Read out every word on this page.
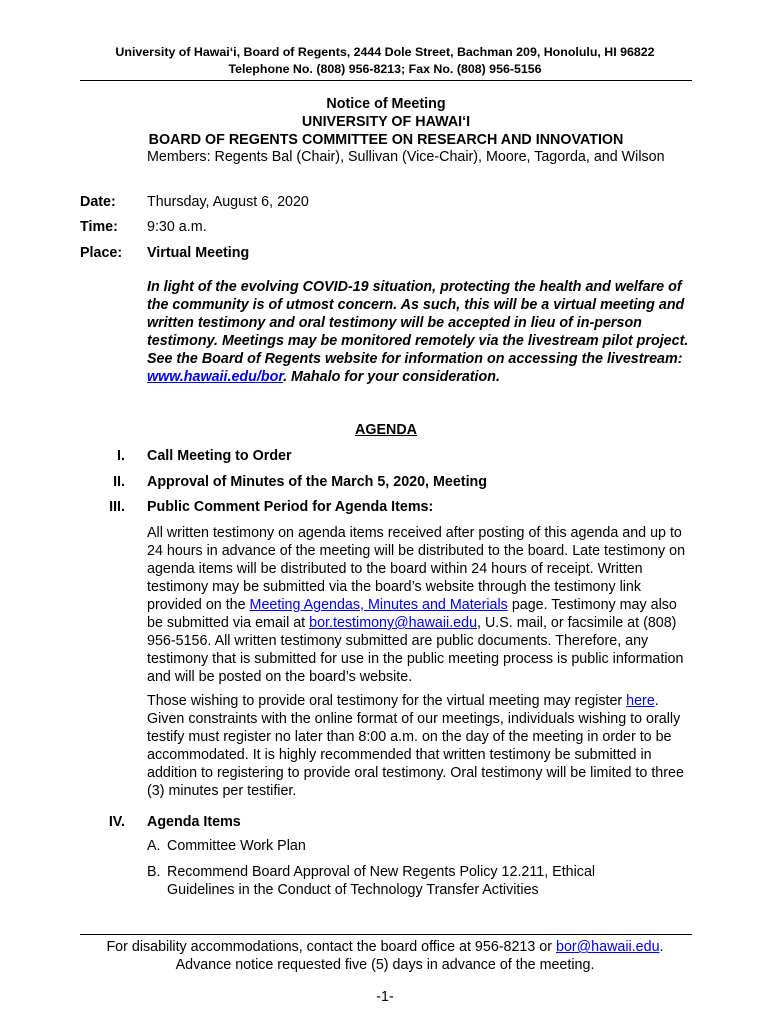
University of Hawai‘i, Board of Regents, 2444 Dole Street, Bachman 209, Honolulu, HI 96822
Telephone No. (808) 956-8213; Fax No. (808) 956-5156
Notice of Meeting
UNIVERSITY OF HAWAI‘I
BOARD OF REGENTS COMMITTEE ON RESEARCH AND INNOVATION
Members: Regents Bal (Chair), Sullivan (Vice-Chair), Moore, Tagorda, and Wilson
Date: Thursday, August 6, 2020
Time: 9:30 a.m.
Place: Virtual Meeting
In light of the evolving COVID-19 situation, protecting the health and welfare of the community is of utmost concern. As such, this will be a virtual meeting and written testimony and oral testimony will be accepted in lieu of in-person testimony. Meetings may be monitored remotely via the livestream pilot project. See the Board of Regents website for information on accessing the livestream: www.hawaii.edu/bor. Mahalo for your consideration.
AGENDA
I. Call Meeting to Order
II. Approval of Minutes of the March 5, 2020, Meeting
III. Public Comment Period for Agenda Items:
All written testimony on agenda items received after posting of this agenda and up to 24 hours in advance of the meeting will be distributed to the board. Late testimony on agenda items will be distributed to the board within 24 hours of receipt. Written testimony may be submitted via the board’s website through the testimony link provided on the Meeting Agendas, Minutes and Materials page. Testimony may also be submitted via email at bor.testimony@hawaii.edu, U.S. mail, or facsimile at (808) 956-5156. All written testimony submitted are public documents. Therefore, any testimony that is submitted for use in the public meeting process is public information and will be posted on the board’s website.
Those wishing to provide oral testimony for the virtual meeting may register here. Given constraints with the online format of our meetings, individuals wishing to orally testify must register no later than 8:00 a.m. on the day of the meeting in order to be accommodated. It is highly recommended that written testimony be submitted in addition to registering to provide oral testimony. Oral testimony will be limited to three (3) minutes per testifier.
IV. Agenda Items
A. Committee Work Plan
B. Recommend Board Approval of New Regents Policy 12.211, Ethical Guidelines in the Conduct of Technology Transfer Activities
For disability accommodations, contact the board office at 956-8213 or bor@hawaii.edu.
Advance notice requested five (5) days in advance of the meeting.
-1-
